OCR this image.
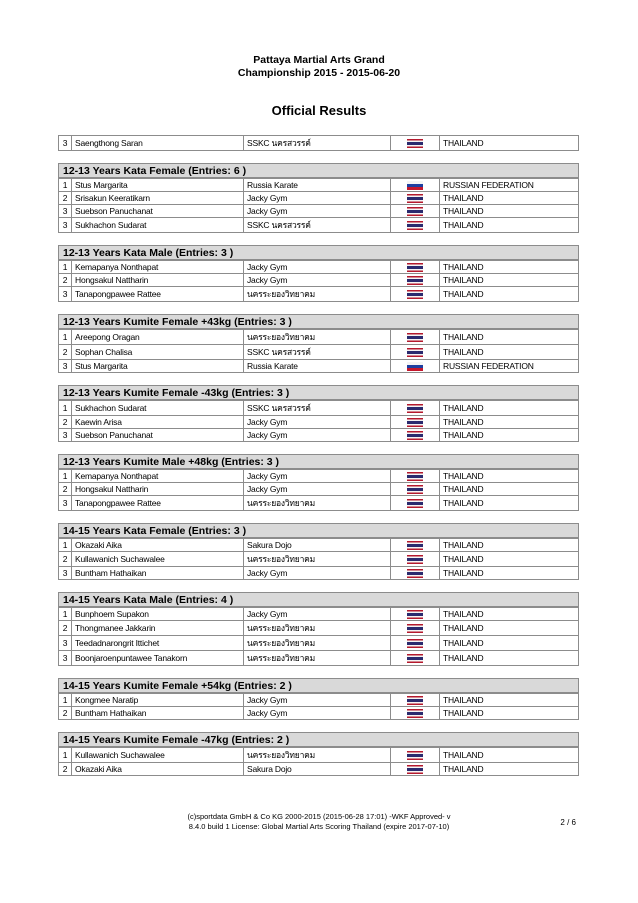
Pattaya Martial Arts Grand
Championship 2015 - 2015-06-20
Official Results
3	Saengthong Saran	SSKC นครสวรรค์		THAILAND
12-13 Years Kata Female (Entries: 6 )
1	Stus Margarita	Russia Karate		RUSSIAN FEDERATION
2	Srisakun Keeratikarn	Jacky Gym		THAILAND
3	Suebson Panuchanat	Jacky Gym		THAILAND
3	Sukhachon Sudarat	SSKC นครสวรรค์		THAILAND
12-13 Years Kata Male (Entries: 3 )
1	Kemapanya Nonthapat	Jacky Gym		THAILAND
2	Hongsakul Nattharin	Jacky Gym		THAILAND
3	Tanapongpawee Rattee	นครระยองวิทยาคม		THAILAND
12-13 Years Kumite Female +43kg (Entries: 3 )
1	Areepong Oragan	นครระยองวิทยาคม		THAILAND
2	Sophan Chalisa	SSKC นครสวรรค์		THAILAND
3	Stus Margarita	Russia Karate		RUSSIAN FEDERATION
12-13 Years Kumite Female -43kg (Entries: 3 )
1	Sukhachon Sudarat	SSKC นครสวรรค์		THAILAND
2	Kaewin Arisa	Jacky Gym		THAILAND
3	Suebson Panuchanat	Jacky Gym		THAILAND
12-13 Years Kumite Male +48kg (Entries: 3 )
1	Kemapanya Nonthapat	Jacky Gym		THAILAND
2	Hongsakul Nattharin	Jacky Gym		THAILAND
3	Tanapongpawee Rattee	นครระยองวิทยาคม		THAILAND
14-15 Years Kata Female (Entries: 3 )
1	Okazaki Aika	Sakura Dojo		THAILAND
2	Kullawanich Suchawalee	นครระยองวิทยาคม		THAILAND
3	Buntham Hathaikan	Jacky Gym		THAILAND
14-15 Years Kata Male (Entries: 4 )
1	Bunphoem Supakon	Jacky Gym		THAILAND
2	Thongmanee Jakkarin	นครระยองวิทยาคม		THAILAND
3	Teedadnarongrit Ittichet	นครระยองวิทยาคม		THAILAND
3	Boonjaroenpuntawee Tanakorn	นครระยองวิทยาคม		THAILAND
14-15 Years Kumite Female +54kg (Entries: 2 )
1	Kongmee Naratip	Jacky Gym		THAILAND
2	Buntham Hathaikan	Jacky Gym		THAILAND
14-15 Years Kumite Female -47kg (Entries: 2 )
1	Kullawanich Suchawalee	นครระยองวิทยาคม		THAILAND
2	Okazaki Aika	Sakura Dojo		THAILAND
(c)sportdata GmbH & Co KG 2000-2015 (2015-06-28 17:01) -WKF Approved- v
8.4.0 build 1 License: Global Martial Arts Scoring Thailand (expire 2017-07-10)	2 / 6
